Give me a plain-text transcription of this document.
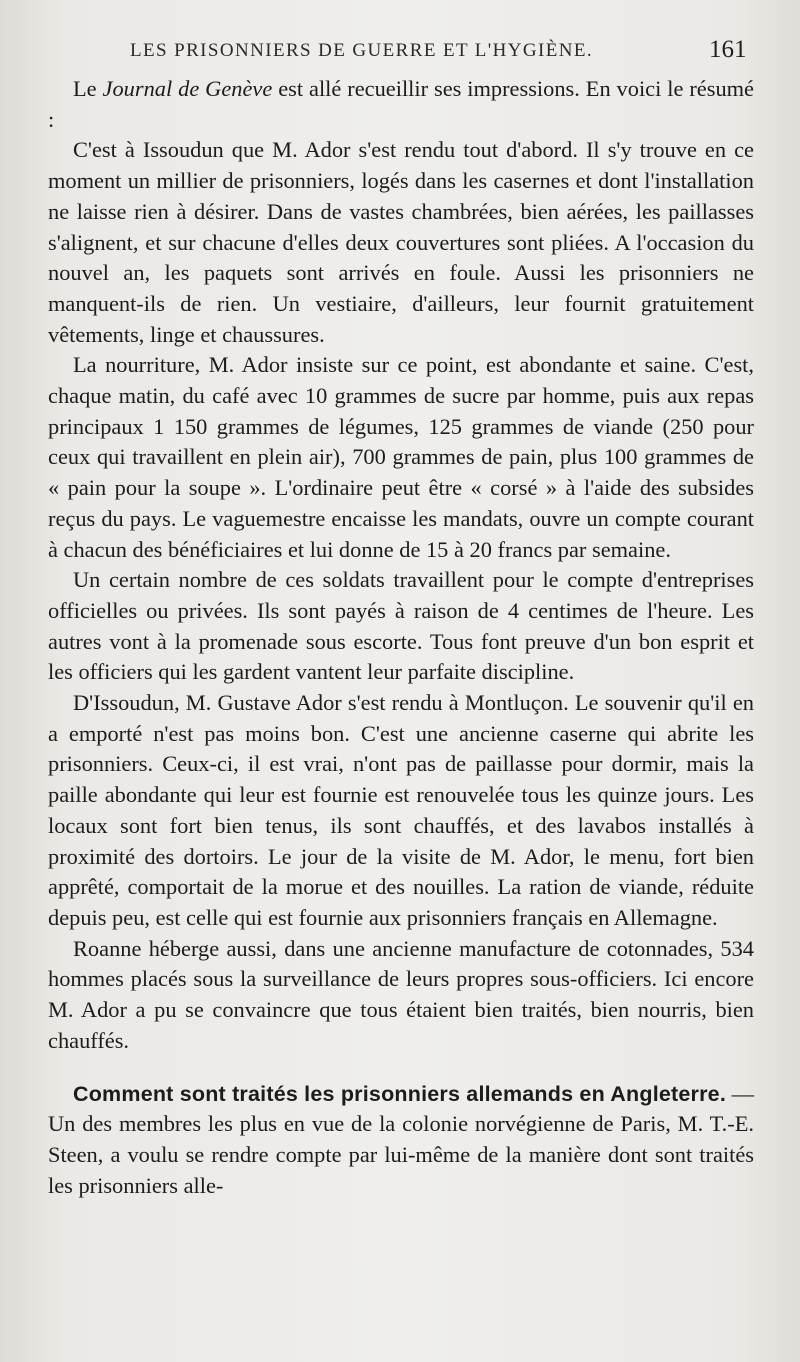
LES PRISONNIERS DE GUERRE ET L'HYGIÈNE.	161

Le Journal de Genève est allé recueillir ses impressions. En voici le résumé :

C'est à Issoudun que M. Ador s'est rendu tout d'abord. Il s'y trouve en ce moment un millier de prisonniers, logés dans les casernes et dont l'installation ne laisse rien à désirer. Dans de vastes chambrées, bien aérées, les paillasses s'alignent, et sur chacune d'elles deux couvertures sont pliées. A l'occasion du nouvel an, les paquets sont arrivés en foule. Aussi les prisonniers ne manquent-ils de rien. Un vestiaire, d'ailleurs, leur fournit gratuitement vêtements, linge et chaussures.

La nourriture, M. Ador insiste sur ce point, est abondante et saine. C'est, chaque matin, du café avec 10 grammes de sucre par homme, puis aux repas principaux 1 150 grammes de légumes, 125 grammes de viande (250 pour ceux qui travaillent en plein air), 700 grammes de pain, plus 100 grammes de « pain pour la soupe ». L'ordinaire peut être « corsé » à l'aide des subsides reçus du pays. Le vaguemestre encaisse les mandats, ouvre un compte courant à chacun des bénéficiaires et lui donne de 15 à 20 francs par semaine.

Un certain nombre de ces soldats travaillent pour le compte d'entreprises officielles ou privées. Ils sont payés à raison de 4 centimes de l'heure. Les autres vont à la promenade sous escorte. Tous font preuve d'un bon esprit et les officiers qui les gardent vantent leur parfaite discipline.

D'Issoudun, M. Gustave Ador s'est rendu à Montluçon. Le souvenir qu'il en a emporté n'est pas moins bon. C'est une ancienne caserne qui abrite les prisonniers. Ceux-ci, il est vrai, n'ont pas de paillasse pour dormir, mais la paille abondante qui leur est fournie est renouvelée tous les quinze jours. Les locaux sont fort bien tenus, ils sont chauffés, et des lavabos installés à proximité des dortoirs. Le jour de la visite de M. Ador, le menu, fort bien apprêté, comportait de la morue et des nouilles. La ration de viande, réduite depuis peu, est celle qui est fournie aux prisonniers français en Allemagne.

Roanne héberge aussi, dans une ancienne manufacture de cotonnades, 534 hommes placés sous la surveillance de leurs propres sous-officiers. Ici encore M. Ador a pu se convaincre que tous étaient bien traités, bien nourris, bien chauffés.

Comment sont traités les prisonniers allemands en Angleterre. — Un des membres les plus en vue de la colonie norvégienne de Paris, M. T.-E. Steen, a voulu se rendre compte par lui-même de la manière dont sont traités les prisonniers alle-
